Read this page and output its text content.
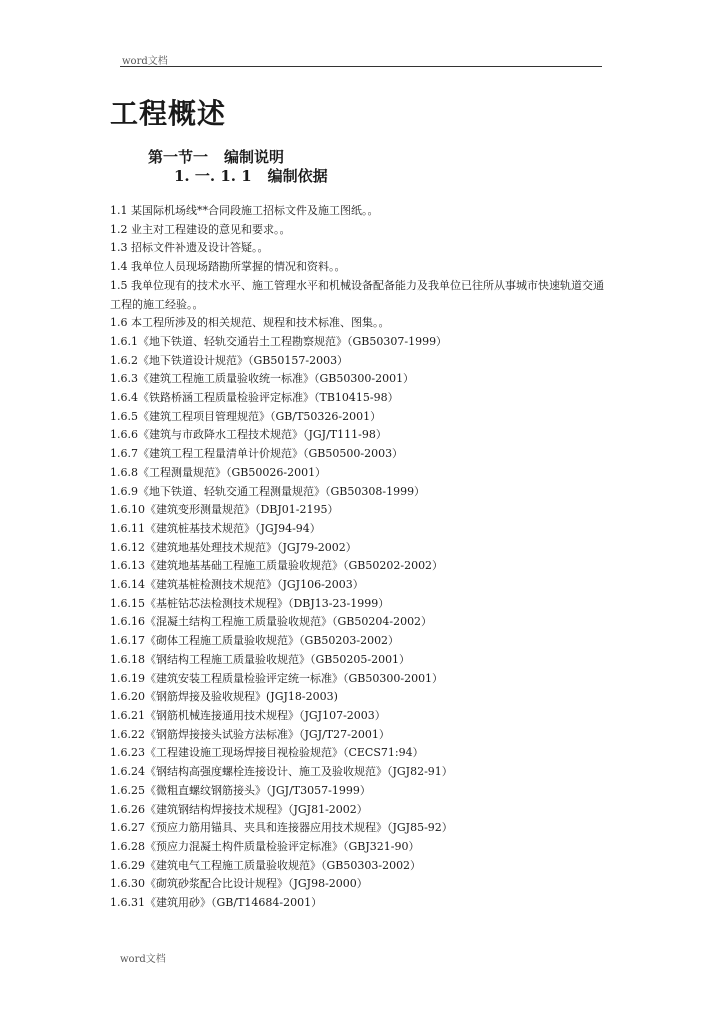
word文档
工程概述
第一节一 编制说明
1. 一. 1. 1 编制依据
1.1 某国际机场线**合同段施工招标文件及施工图纸。。
1.2 业主对工程建设的意见和要求。。
1.3 招标文件补遗及设计答疑。。
1.4 我单位人员现场踏勘所掌握的情况和资料。。
1.5 我单位现有的技术水平、施工管理水平和机械设备配备能力及我单位已往所从事城市快速轨道交通工程的施工经验。。
1.6 本工程所涉及的相关规范、规程和技术标准、图集。。
1.6.1《地下铁道、轻轨交通岩土工程勘察规范》（GB50307-1999）
1.6.2《地下铁道设计规范》（GB50157-2003）
1.6.3《建筑工程施工质量验收统一标准》（GB50300-2001）
1.6.4《铁路桥涵工程质量检验评定标准》（TB10415-98）
1.6.5《建筑工程项目管理规范》（GB/T50326-2001）
1.6.6《建筑与市政降水工程技术规范》（JGJ/T111-98）
1.6.7《建筑工程工程量清单计价规范》（GB50500-2003）
1.6.8《工程测量规范》（GB50026-2001）
1.6.9《地下铁道、轻轨交通工程测量规范》（GB50308-1999）
1.6.10《建筑变形测量规范》（DBJ01-2195）
1.6.11《建筑桩基技术规范》（JGJ94-94）
1.6.12《建筑地基处理技术规范》（JGJ79-2002）
1.6.13《建筑地基基础工程施工质量验收规范》（GB50202-2002）
1.6.14《建筑基桩检测技术规范》（JGJ106-2003）
1.6.15《基桩钻芯法检测技术规程》（DBJ13-23-1999）
1.6.16《混凝土结构工程施工质量验收规范》（GB50204-2002）
1.6.17《砌体工程施工质量验收规范》（GB50203-2002）
1.6.18《钢结构工程施工质量验收规范》（GB50205-2001）
1.6.19《建筑安装工程质量检验评定统一标准》（GB50300-2001）
1.6.20《钢筋焊接及验收规程》(JGJ18-2003)
1.6.21《钢筋机械连接通用技术规程》（JGJ107-2003）
1.6.22《钢筋焊接接头试验方法标准》（JGJ/T27-2001）
1.6.23《工程建设施工现场焊接目视检验规范》（CECS71:94）
1.6.24《钢结构高强度螺栓连接设计、施工及验收规范》（JGJ82-91）
1.6.25《微粗直螺纹钢筋接头》（JGJ/T3057-1999）
1.6.26《建筑钢结构焊接技术规程》（JGJ81-2002）
1.6.27《预应力筋用锚具、夹具和连接器应用技术规程》（JGJ85-92）
1.6.28《预应力混凝土构件质量检验评定标准》（GBJ321-90）
1.6.29《建筑电气工程施工质量验收规范》（GB50303-2002）
1.6.30《砌筑砂浆配合比设计规程》（JGJ98-2000）
1.6.31《建筑用砂》（GB/T14684-2001）
word文档
